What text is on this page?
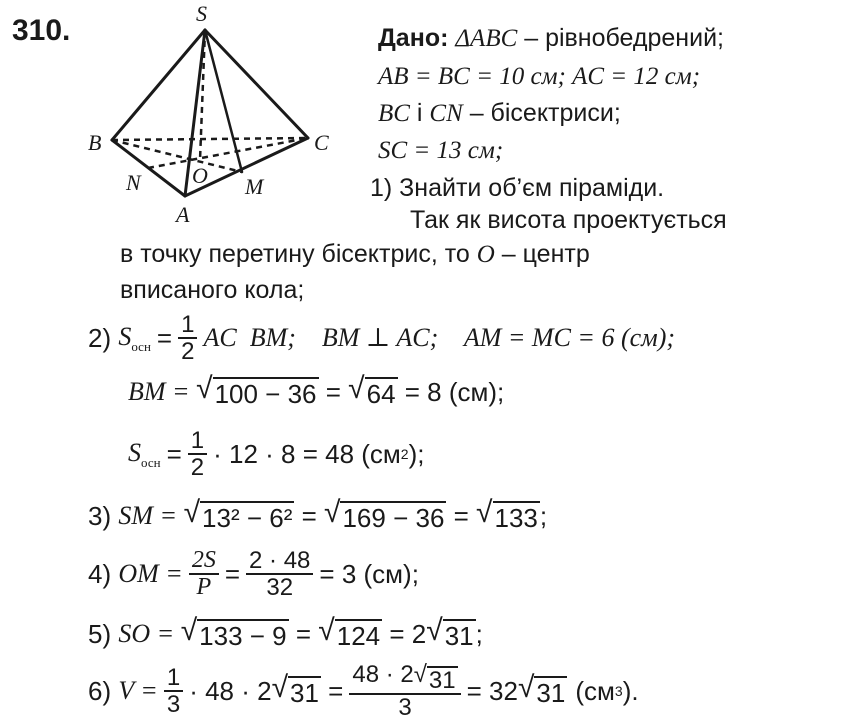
310.
S
B	C
N O M
A
Дано: ΔABC – рівнобедрений;
AB = BC = 10 см; AC = 12 см;
BC і CN – бісектриси;
SC = 13 см;
1) Знайти об’єм піраміди.
Так як висота проектується
в точку перетину бісектрис, то O – центр
вписаного кола;
2)
$S_{осн} = \frac{1}{2}$ AC  BM;    BM ⊥ AC;    AM = MC = 6 (см);
BM = √ 100 − 36 = √ 64 = 8 (см);
$S_{осн} = \frac{1}{2} \cdot 12 \cdot 8 = 48$ (см 2 );
3)
SM = √ 13² − 6² = √ 169 − 36 = √ 133 ;
4)
OM = $\frac{2S}{P} = \frac{2 \cdot 48}{32} = 3$ (см);
5)
SO = √ 133 − 9 = √ 124 = 2 √ 31 ;
6)
$V = \frac{1}{3} \cdot 48 \cdot 2$ √ $31 = \frac{48 \cdot 2 √ 31}{3} = 32$ √ 31 (см 3 ).
